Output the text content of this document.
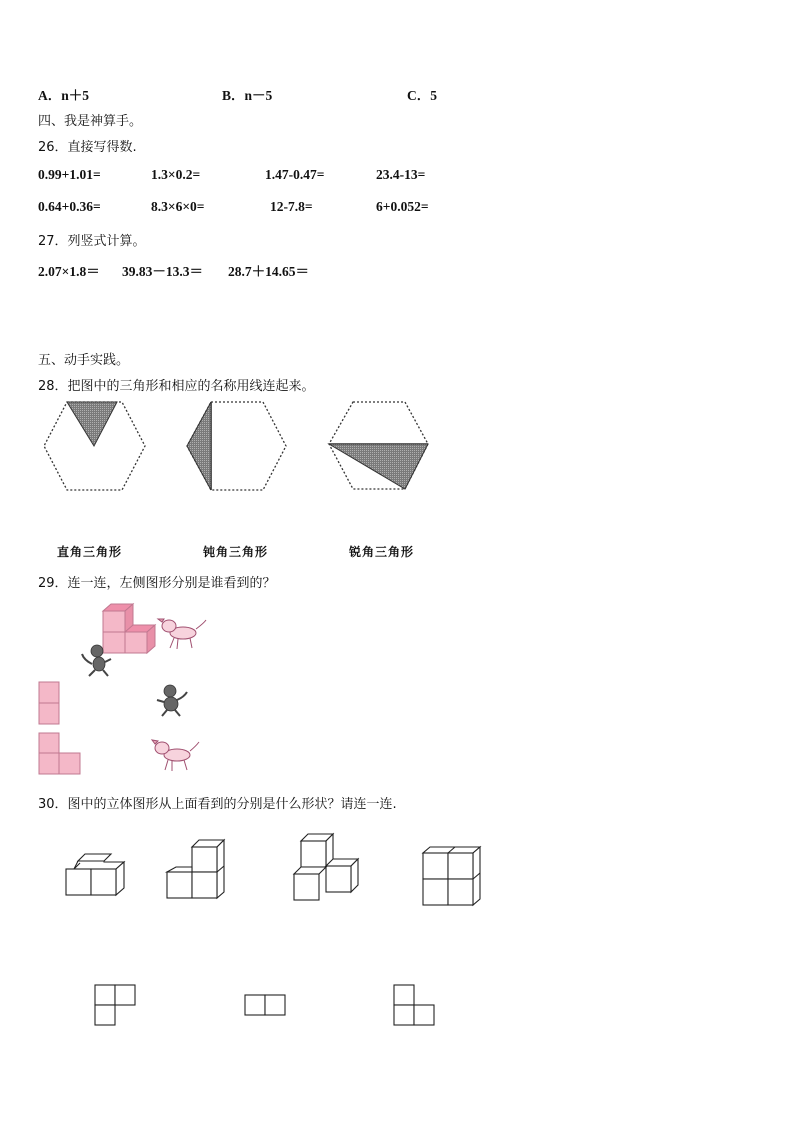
A．n＋5	B．n－5	C．5
四、我是神算手。
26．直接写得数.
0.99+1.01=	1.3×0.2=	1.47-0.47=	23.4-13=
0.64+0.36=	8.3×6×0=	12-7.8=	6+0.052=
27．列竖式计算。
2.07×1.8＝ 39.83－13.3＝ 28.7＋14.65＝
五、动手实践。
28．把图中的三角形和相应的名称用线连起来。
直角三角形	钝角三角形	锐角三角形
29．连一连，左侧图形分别是谁看到的？
30．图中的立体图形从上面看到的分别是什么形状？请连一连.
